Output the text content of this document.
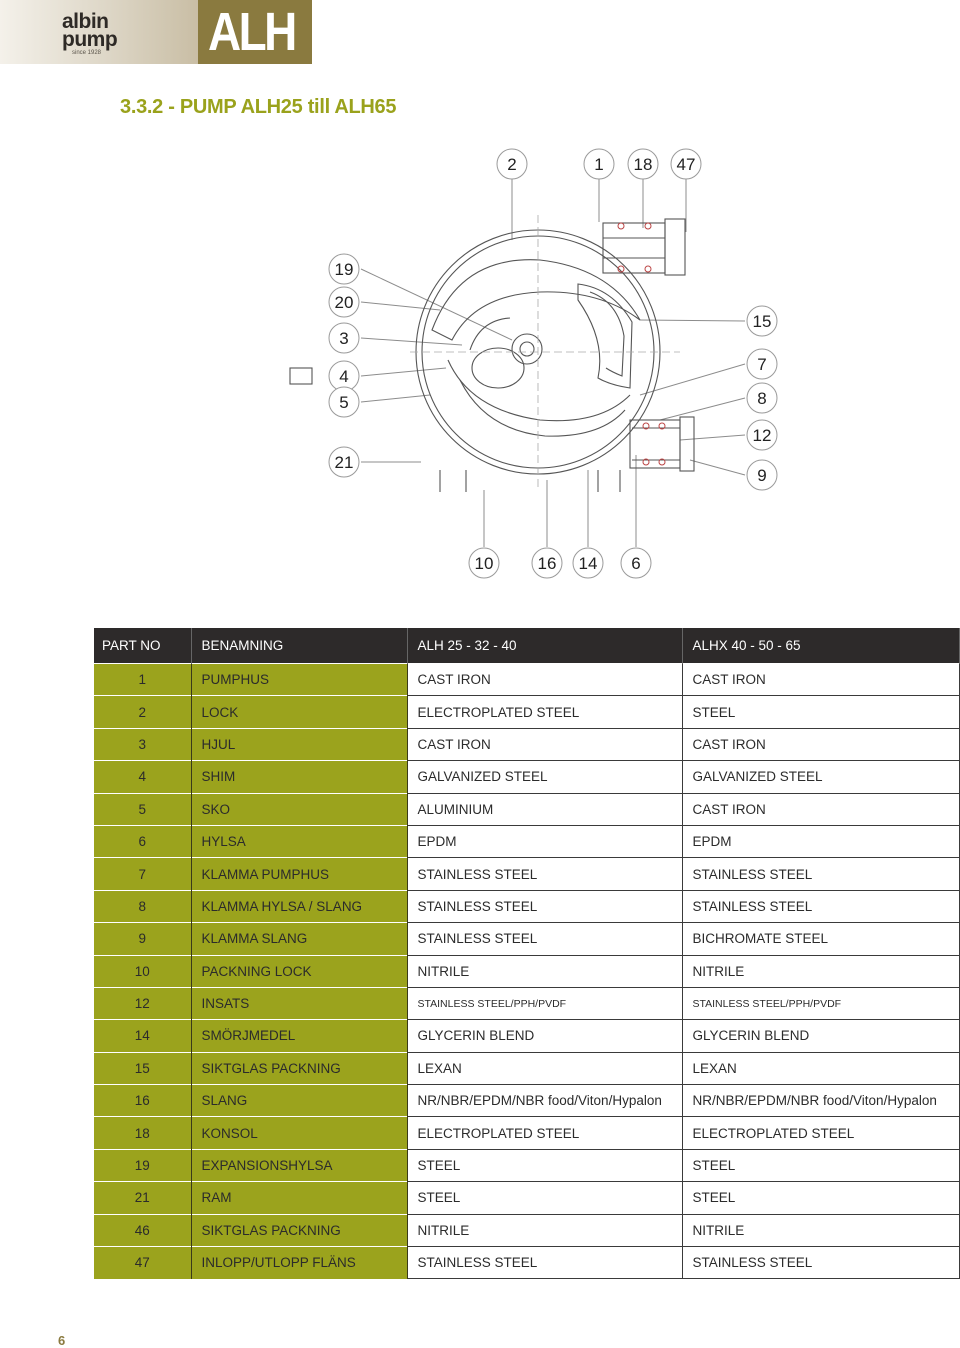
albin
pump
since 1928 ALH
3.3.2 - PUMP ALH25 till ALH65
2	1 18 47
19
20
3
4
5
21
15
7
8
12
9
10	16 14 6
PART NO	BENAMNING	ALH 25 - 32 - 40	ALHX 40 - 50 - 65
1	PUMPHUS	CAST IRON	CAST IRON
2	LOCK	ELECTROPLATED STEEL	STEEL
3	HJUL	CAST IRON	CAST IRON
4	SHIM	GALVANIZED STEEL	GALVANIZED STEEL
5	SKO	ALUMINIUM	CAST IRON
6	HYLSA	EPDM	EPDM
7	KLAMMA PUMPHUS	STAINLESS STEEL	STAINLESS STEEL
8	KLAMMA HYLSA / SLANG	STAINLESS STEEL	STAINLESS STEEL
9	KLAMMA SLANG	STAINLESS STEEL	BICHROMATE STEEL
10	PACKNING LOCK	NITRILE	NITRILE
12	INSATS	STAINLESS STEEL/PPH/PVDF	STAINLESS STEEL/PPH/PVDF
14	SMÖRJMEDEL	GLYCERIN BLEND	GLYCERIN BLEND
15	SIKTGLAS PACKNING	LEXAN	LEXAN
16	SLANG	NR/NBR/EPDM/NBR food/Viton/Hypalon	NR/NBR/EPDM/NBR food/Viton/Hypalon
18	KONSOL	ELECTROPLATED STEEL	ELECTROPLATED STEEL
19	EXPANSIONSHYLSA	STEEL	STEEL
21	RAM	STEEL	STEEL
46	SIKTGLAS PACKNING	NITRILE	NITRILE
47	INLOPP/UTLOPP FLÄNS	STAINLESS STEEL	STAINLESS STEEL
6
